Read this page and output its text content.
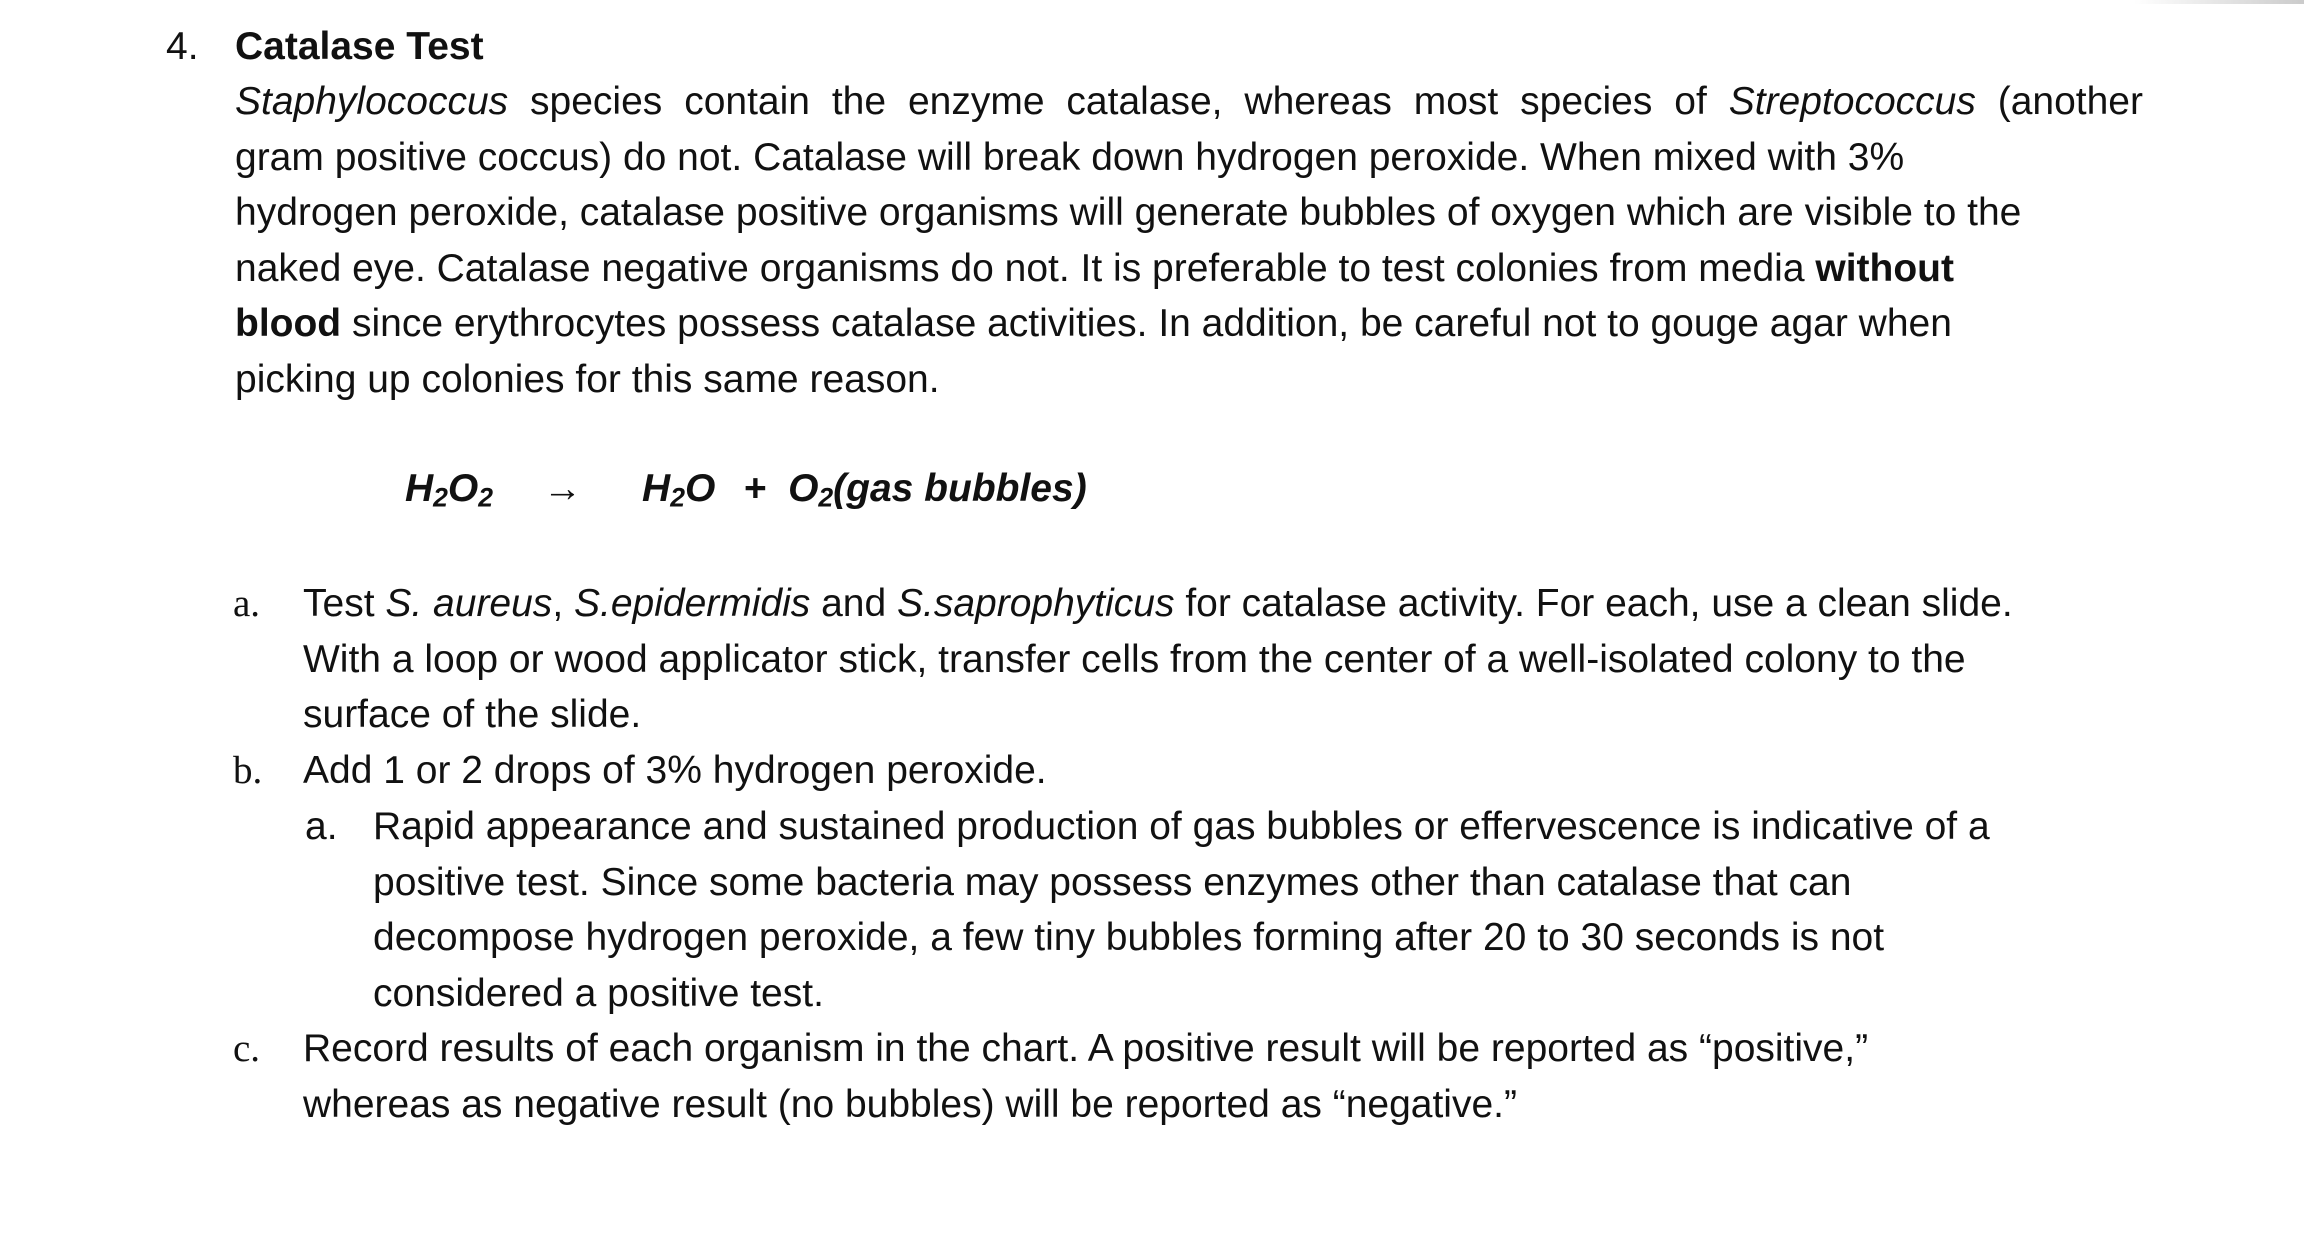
4. Catalase Test
Staphylococcus species contain the enzyme catalase, whereas most species of Streptococcus (another
gram positive coccus) do not. Catalase will break down hydrogen peroxide. When mixed with 3%
hydrogen peroxide, catalase positive organisms will generate bubbles of oxygen which are visible to the
naked eye. Catalase negative organisms do not. It is preferable to test colonies from media without
blood since erythrocytes possess catalase activities. In addition, be careful not to gouge agar when
picking up colonies for this same reason.
$H_2O_2 \to H_2O + O_2(gas$ bubbles)
a. Test S. aureus, S.epidermidis and S.saprophyticus for catalase activity. For each, use a clean slide.
With a loop or wood applicator stick, transfer cells from the center of a well-isolated colony to the
surface of the slide.
b. Add 1 or 2 drops of 3% hydrogen peroxide.
a. Rapid appearance and sustained production of gas bubbles or effervescence is indicative of a
positive test. Since some bacteria may possess enzymes other than catalase that can
decompose hydrogen peroxide, a few tiny bubbles forming after 20 to 30 seconds is not
considered a positive test.
c. Record results of each organism in the chart. A positive result will be reported as “positive,”
whereas as negative result (no bubbles) will be reported as “negative.”
